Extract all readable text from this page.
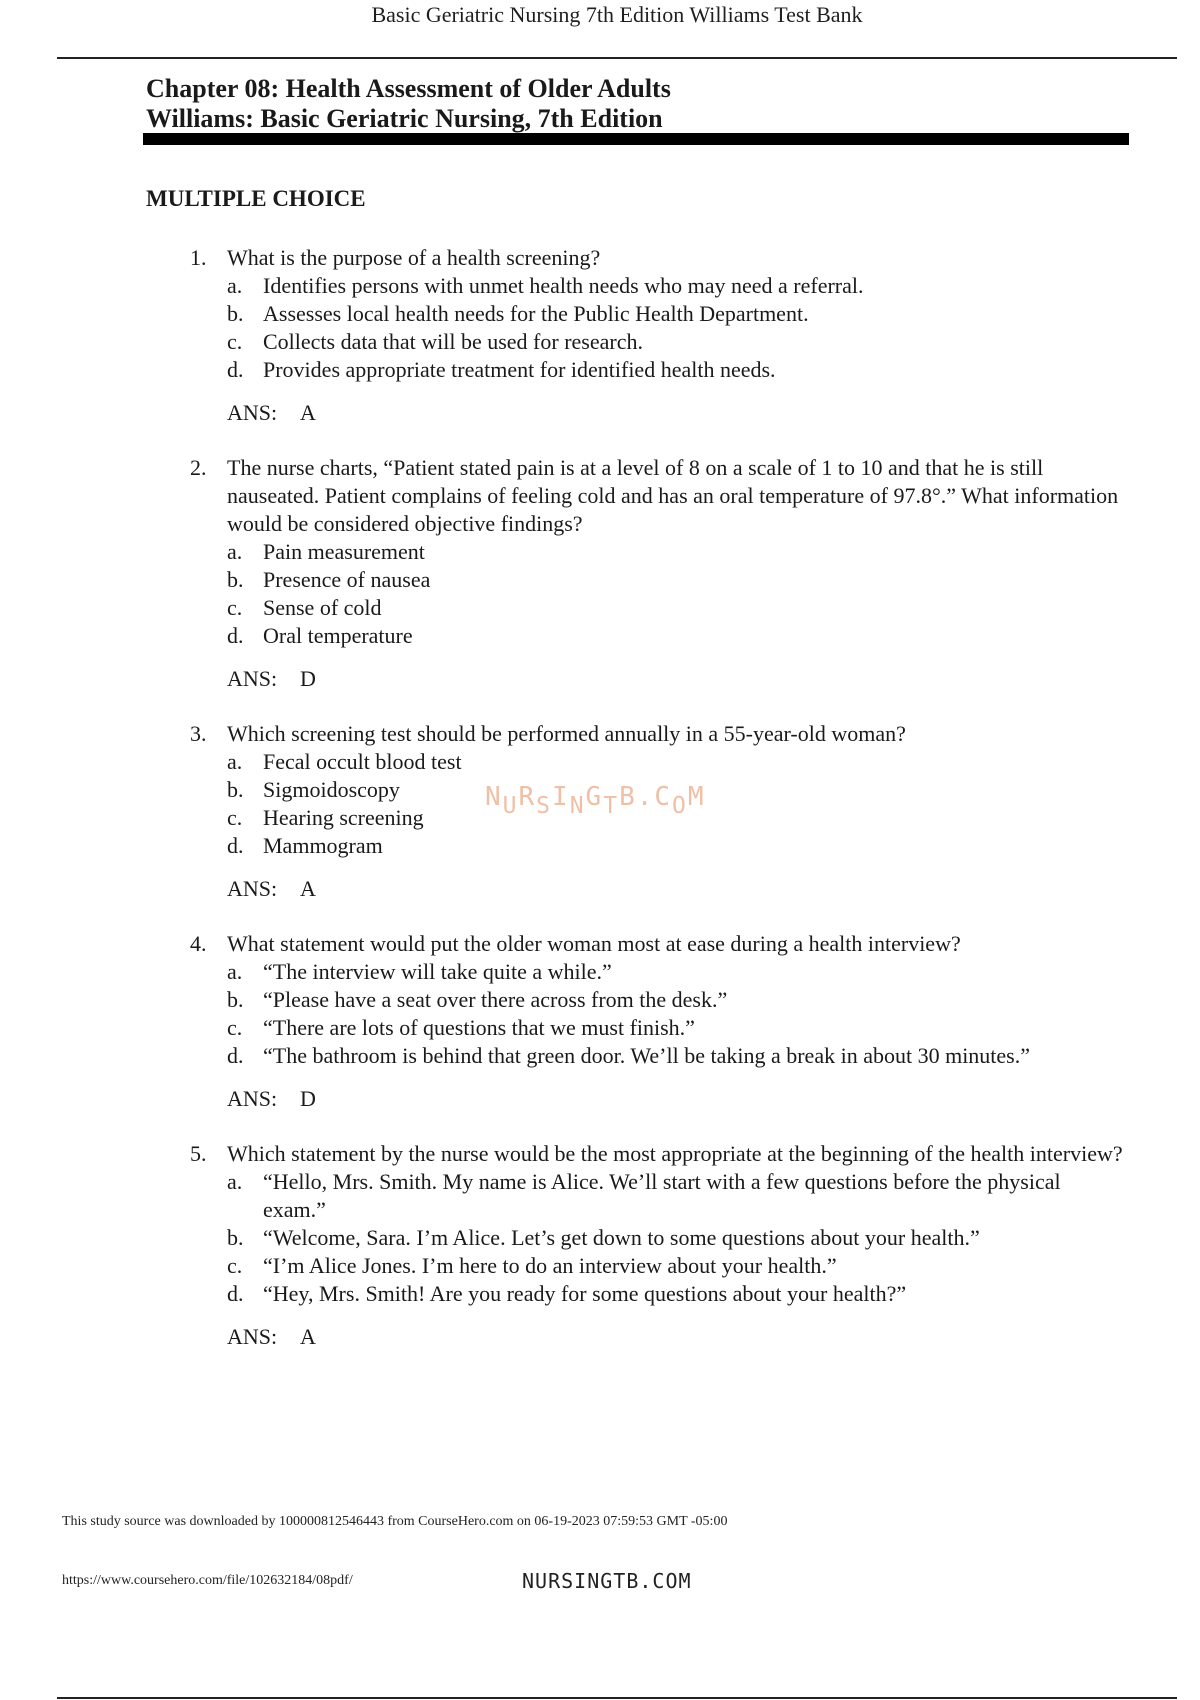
Basic Geriatric Nursing 7th Edition Williams Test Bank
Chapter 08: Health Assessment of Older Adults
Williams: Basic Geriatric Nursing, 7th Edition
MULTIPLE CHOICE
1. What is the purpose of a health screening?
a. Identifies persons with unmet health needs who may need a referral.
b. Assesses local health needs for the Public Health Department.
c. Collects data that will be used for research.
d. Provides appropriate treatment for identified health needs.
ANS: A
2. The nurse charts, “Patient stated pain is at a level of 8 on a scale of 1 to 10 and that he is still nauseated. Patient complains of feeling cold and has an oral temperature of 97.8°.” What information would be considered objective findings?
a. Pain measurement
b. Presence of nausea
c. Sense of cold
d. Oral temperature
ANS: D
3. Which screening test should be performed annually in a 55-year-old woman?
a. Fecal occult blood test
b. Sigmoidoscopy
c. Hearing screening
d. Mammogram
ANS: A
4. What statement would put the older woman most at ease during a health interview?
a. “The interview will take quite a while.”
b. “Please have a seat over there across from the desk.”
c. “There are lots of questions that we must finish.”
d. “The bathroom is behind that green door. We’ll be taking a break in about 30 minutes.”
ANS: D
5. Which statement by the nurse would be the most appropriate at the beginning of the health interview?
a. “Hello, Mrs. Smith. My name is Alice. We’ll start with a few questions before the physical exam.”
b. “Welcome, Sara. I’m Alice. Let’s get down to some questions about your health.”
c. “I’m Alice Jones. I’m here to do an interview about your health.”
d. “Hey, Mrs. Smith! Are you ready for some questions about your health?”
ANS: A
NURSINGTB.COM
This study source was downloaded by 100000812546443 from CourseHero.com on 06-19-2023 07:59:53 GMT -05:00
https://www.coursehero.com/file/102632184/08pdf/	NURSINGTB.COM
